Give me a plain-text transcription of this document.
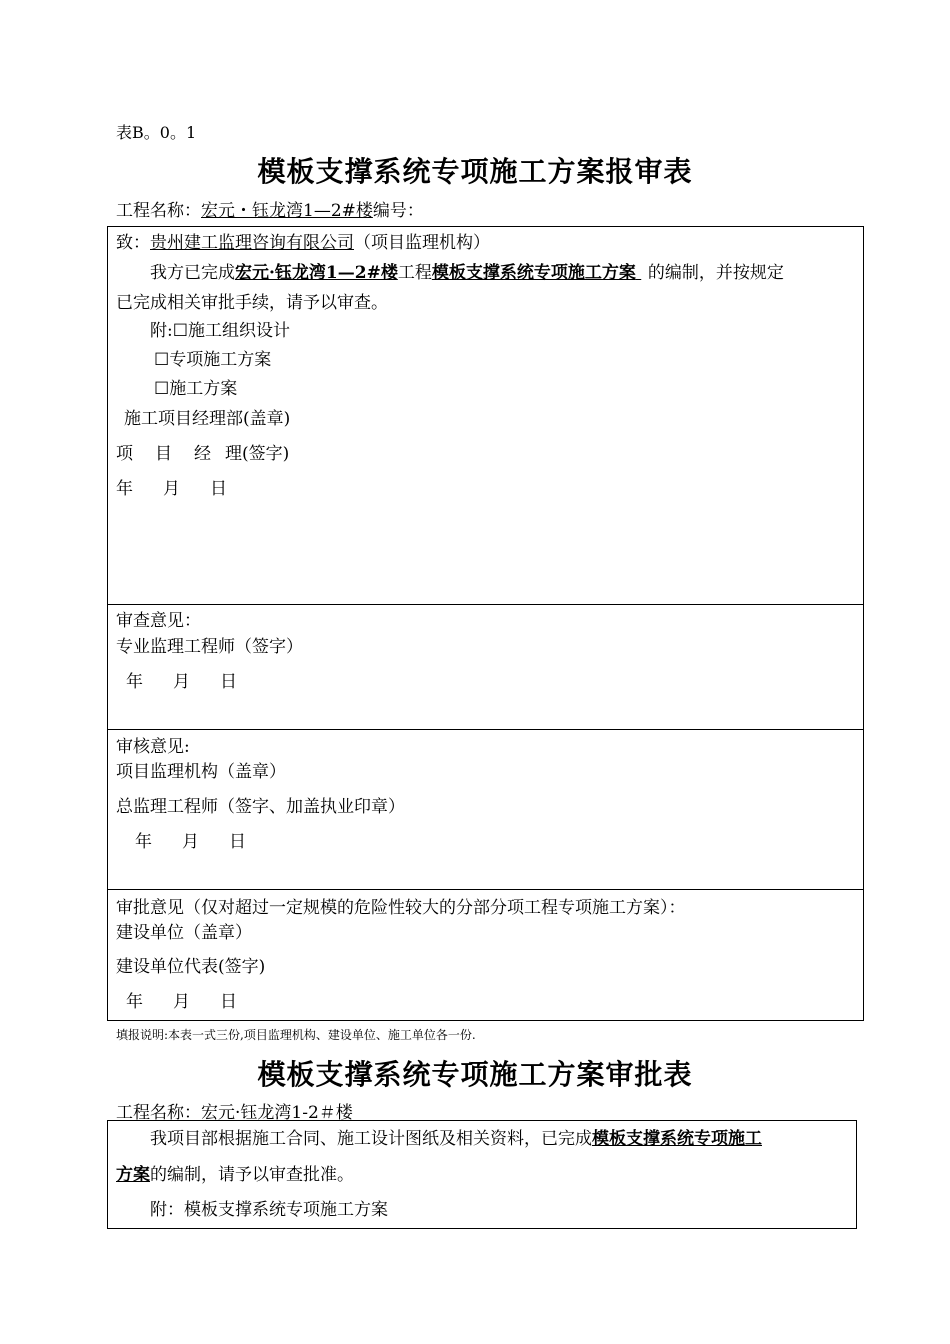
表B。0。1
模板支撑系统专项施工方案报审表
工程名称：宏元・钰龙湾1—2#楼编号：
致：贵州建工监理咨询有限公司（项目监理机构）
我方已完成宏元·钰龙湾1—2#楼工程模板支撑系统专项施工方案 的编制，并按规定
已完成相关审批手续，请予以审查。
附:☐施工组织设计
☐专项施工方案
☐施工方案
施工项目经理部(盖章)
项 目 经 理(签字)
年 月 日
审查意见：
专业监理工程师（签字）
年 月 日
审核意见:
项目监理机构（盖章）
总监理工程师（签字、加盖执业印章）
年 月 日
审批意见（仅对超过一定规模的危险性较大的分部分项工程专项施工方案）：
建设单位（盖章）
建设单位代表(签字)
年 月 日
填报说明:本表一式三份,项目监理机构、建设单位、施工单位各一份.
模板支撑系统专项施工方案审批表
工程名称：宏元·钰龙湾1-2＃楼
我项目部根据施工合同、施工设计图纸及相关资料，已完成模板支撑系统专项施工
方案的编制，请予以审查批准。
附：模板支撑系统专项施工方案
